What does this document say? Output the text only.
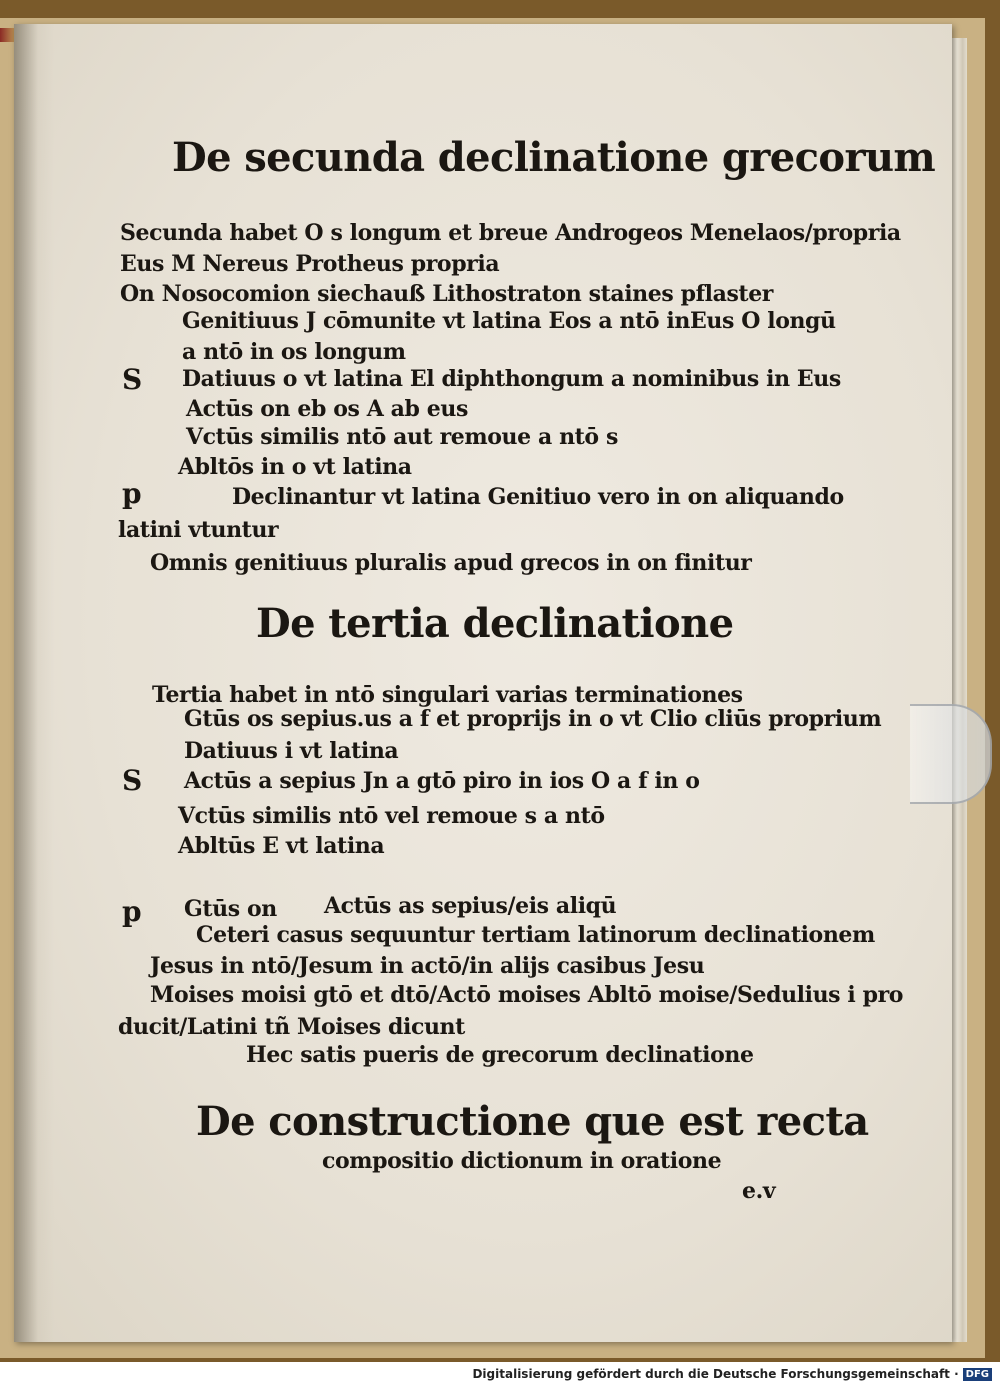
De secunda declinatione grecorum

Secunda habet O s longum et breue Androgeos Menelaos/propria

Eus M Nereus Protheus propria

On Nosocomion siechauß Lithostraton staines pflaster

Genitiuus J cōmunite vt latina Eos a ntō in Eus O longū

a ntō in os longum

S Datiuus o vt latina El diphthongum a nominibus in Eus

Actūs on eb os A ab eus

Vctūs similis ntō aut remoue a ntō s

Abltōs in o vt latina

p	Declinantur vt latina Genitiuo vero in on aliquando

latini vtuntur

Omnis genitiuus pluralis apud grecos in on finitur

De tertia declinatione

Tertia habet in ntō singulari varias terminationes

Gtūs os sepius.us a f et proprijs in o vt Clio cliūs proprium

Datiuus i vt latina

S Actūs a sepius Jn a gtō piro in ios O a f in o

Vctūs similis ntō vel remoue s a ntō

Abltūs E vt latina

p Gtūs on Actūs as sepius/eis aliqū

Ceteri casus sequuntur tertiam latinorum declinationem

Jesus in ntō/Jesum in actō/in alijs casibus Jesu

Moises moisi gtō et dtō/Actō moises Abltō moise/Sedulius i pro

ducit/Latini tñ Moises dicunt

Hec satis pueris de grecorum declinatione

De constructione que est recta

compositio dictionum in oratione

e.v

Digitalisierung gefördert durch die Deutsche Forschungsgemeinschaft · DFG
